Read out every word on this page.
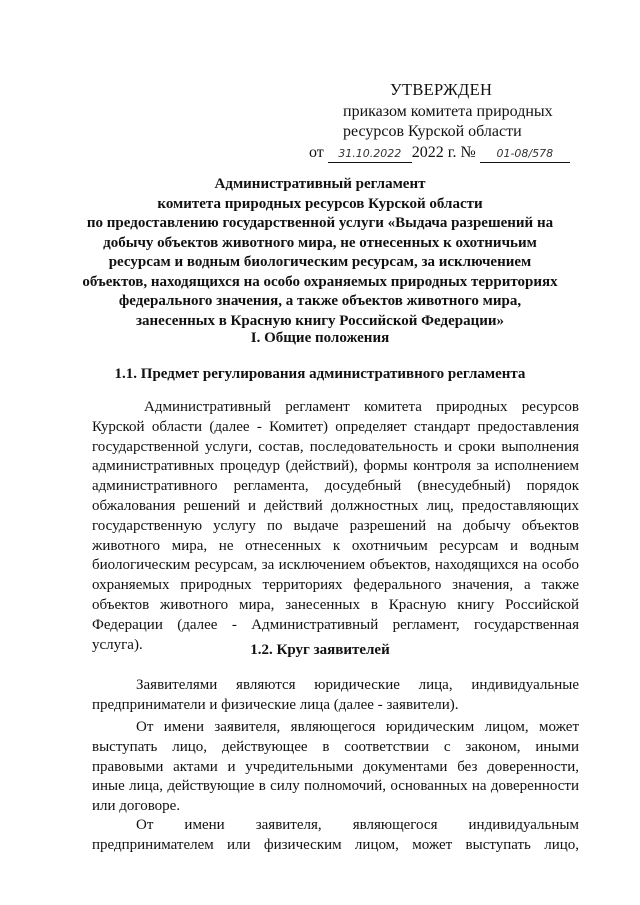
УТВЕРЖДЕН
приказом комитета природных
ресурсов Курской области
от 31.10.2022 2022 г. № 01-08/578
Административный регламент
комитета природных ресурсов Курской области
по предоставлению государственной услуги «Выдача разрешений на
добычу объектов животного мира, не отнесенных к охотничьим
ресурсам и водным биологическим ресурсам, за исключением
объектов, находящихся на особо охраняемых природных территориях
федерального значения, а также объектов животного мира,
занесенных в Красную книгу Российской Федерации»
I. Общие положения
1.1. Предмет регулирования административного регламента
Административный регламент комитета природных ресурсов
Курской области (далее - Комитет) определяет стандарт предоставления
государственной услуги, состав, последовательность и сроки выполнения
административных процедур (действий), формы контроля за исполнением
административного регламента, досудебный (внесудебный) порядок
обжалования решений и действий должностных лиц, предоставляющих
государственную услугу по выдаче разрешений на добычу объектов
животного мира, не отнесенных к охотничьим ресурсам и водным
биологическим ресурсам, за исключением объектов, находящихся на особо
охраняемых природных территориях федерального значения, а также
объектов животного мира, занесенных в Красную книгу Российской
Федерации (далее - Административный регламент, государственная
услуга).	1.2. Круг заявителей
Заявителями являются юридические лица, индивидуальные
предприниматели и физические лица (далее - заявители).
От имени заявителя, являющегося юридическим лицом, может
выступать лицо, действующее в соответствии с законом, иными
правовыми актами и учредительными документами без доверенности,
иные лица, действующие в силу полномочий, основанных на доверенности
или договоре.
От имени заявителя, являющегося индивидуальным
предпринимателем или физическим лицом, может выступать лицо,
